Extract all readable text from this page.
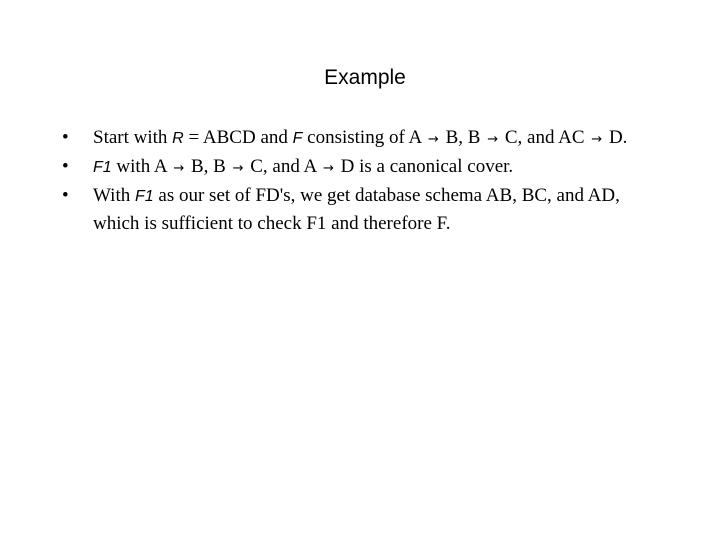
Example
• Start with R = ABCD and F consisting of A → B, B → C, and AC → D.
• F1 with A → B, B → C, and A → D is a canonical cover.
• With F1 as our set of FD's, we get database schema AB, BC, and AD,
which is sufficient to check F1 and therefore F.
